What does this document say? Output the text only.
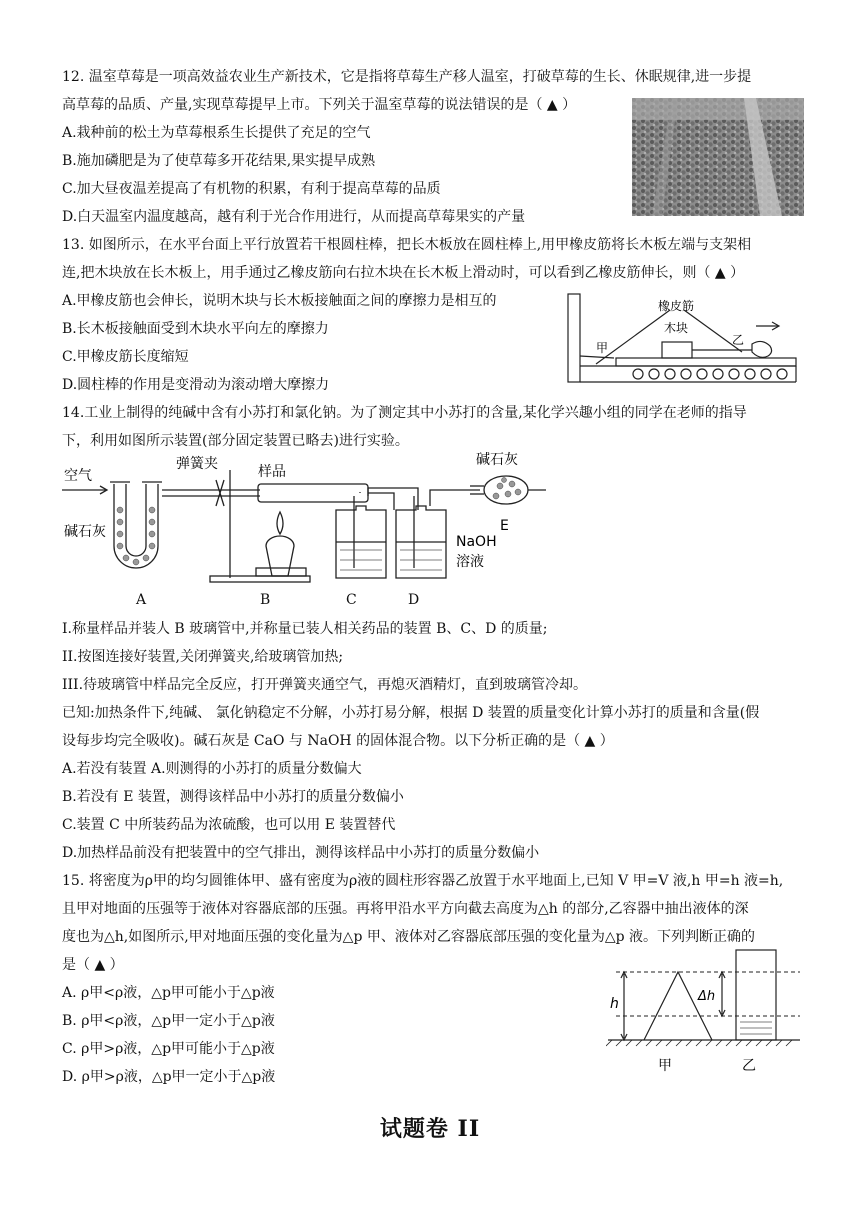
12. 温室草莓是一项高效益农业生产新技术，它是指将草莓生产移人温室，打破草莓的生长、休眠规律,进一步提
高草莓的品质、产量,实现草莓提早上市。下列关于温室草莓的说法错误的是（ ▲ ）
A.栽种前的松土为草莓根系生长提供了充足的空气
B.施加磷肥是为了使草莓多开花结果,果实提早成熟
C.加大昼夜温差提高了有机物的积累，有利于提高草莓的品质
D.白天温室内温度越高，越有利于光合作用进行，从而提高草莓果实的产量
13. 如图所示，在水平台面上平行放置若干根圆柱棒，把长木板放在圆柱棒上,用甲橡皮筋将长木板左端与支架相
连,把木块放在长木板上，用手通过乙橡皮筋向右拉木块在长木板上滑动时，可以看到乙橡皮筋伸长，则（ ▲ ）
A.甲橡皮筋也会伸长，说明木块与长木板接触面之间的摩擦力是相互的
B.长木板接触面受到木块水平向左的摩擦力
C.甲橡皮筋长度缩短
D.圆柱棒的作用是变滑动为滚动增大摩擦力
橡皮筋
木块
甲
乙
14.工业上制得的纯碱中含有小苏打和氯化钠。为了测定其中小苏打的含量,某化学兴趣小组的同学在老师的指导
下，利用如图所示装置(部分固定装置已略去)进行实验。
空气
弹簧夹	样品
碱石灰
碱石灰
NaOH
溶液
E
A	B	C	D
I.称量样品并装人 B 玻璃管中,并称量已装人相关药品的装置 B、C、D 的质量;
II.按图连接好装置,关闭弹簧夹,给玻璃管加热;
III.待玻璃管中样品完全反应，打开弹簧夹通空气，再熄灭酒精灯，直到玻璃管冷却。
已知:加热条件下,纯碱、 氯化钠稳定不分解，小苏打易分解，根据 D 装置的质量变化计算小苏打的质量和含量(假
设每步均完全吸收)。碱石灰是 CaO 与 NaOH 的固体混合物。以下分析正确的是（ ▲ ）
A.若没有装置 A.则测得的小苏打的质量分数偏大
B.若没有 E 装置，测得该样品中小苏打的质量分数偏小
C.装置 C 中所装药品为浓硫酸，也可以用 E 装置替代
D.加热样品前没有把装置中的空气排出，测得该样品中小苏打的质量分数偏小
15. 将密度为ρ甲的均匀圆锥体甲、盛有密度为ρ液的圆柱形容器乙放置于水平地面上,已知 V 甲=V 液,h 甲=h 液=h,
且甲对地面的压强等于液体对容器底部的压强。再将甲沿水平方向截去高度为△h 的部分,乙容器中抽出液体的深
度也为△h,如图所示,甲对地面压强的变化量为△p 甲、液体对乙容器底部压强的变化量为△p 液。下列判断正确的
是（ ▲ ）
A. ρ甲<ρ液，△p甲可能小于△p液
B. ρ甲<ρ液，△p甲一定小于△p液
C. ρ甲>ρ液，△p甲可能小于△p液
D. ρ甲>ρ液，△p甲一定小于△p液
h	Δh
甲	乙
试题卷 II
